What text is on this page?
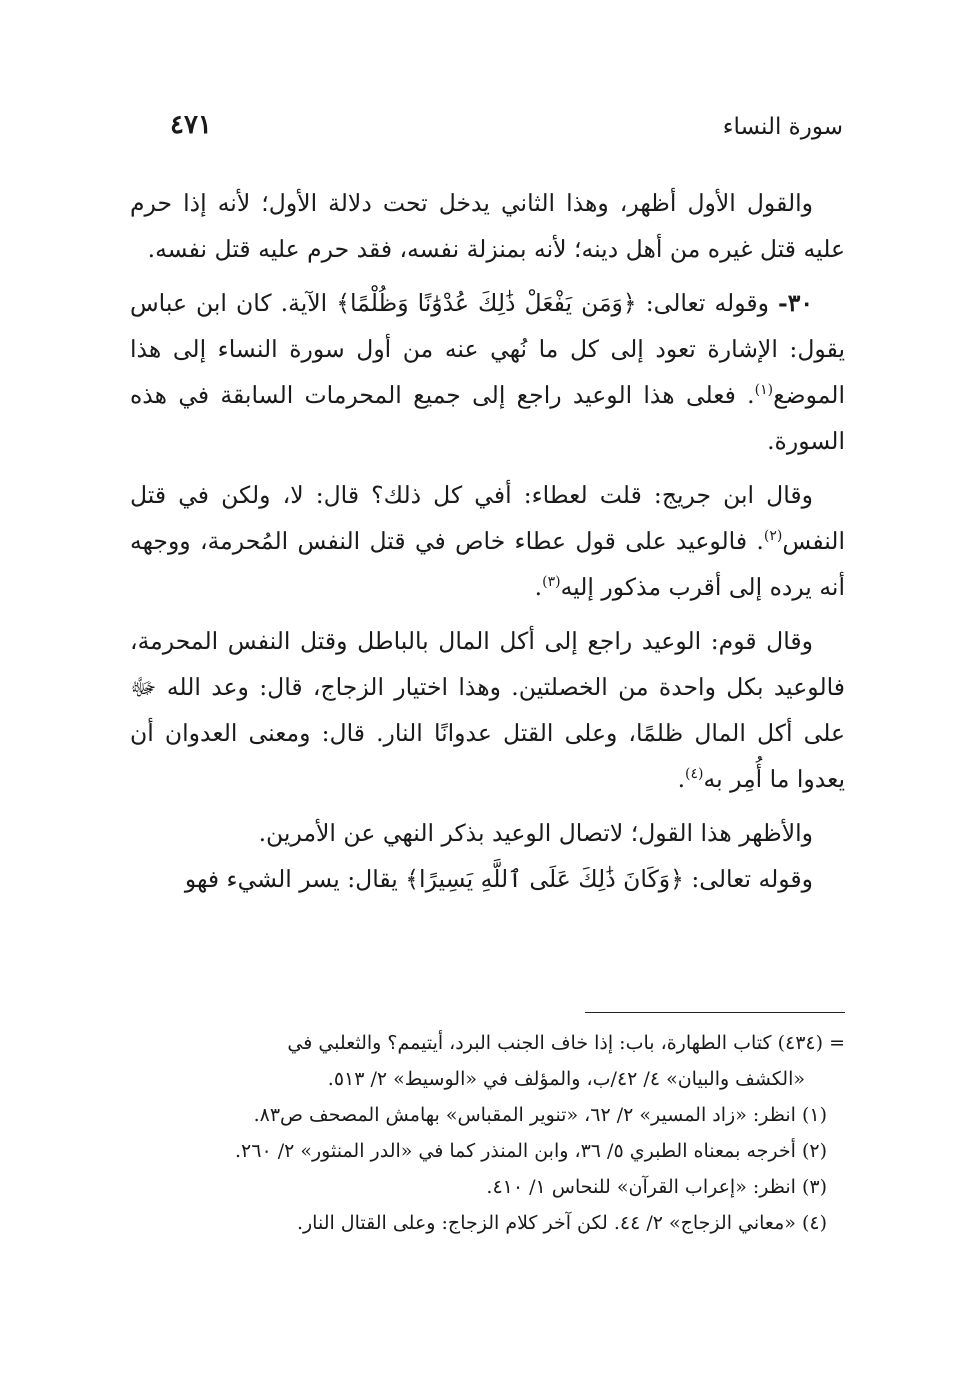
سورة النساء
٤٧١

والقول الأول أظهر، وهذا الثاني يدخل تحت دلالة الأول؛ لأنه إذا حرم عليه قتل غيره من أهل دينه؛ لأنه بمنزلة نفسه، فقد حرم عليه قتل نفسه.

٣٠- وقوله تعالى: ﴿وَمَن يَفْعَلْ ذَٰلِكَ عُدْوَٰنًا وَظُلْمًا﴾ الآية. كان ابن عباس يقول: الإشارة تعود إلى كل ما نُهي عنه من أول سورة النساء إلى هذا الموضع$^{(١)}$. فعلى هذا الوعيد راجع إلى جميع المحرمات السابقة في هذه السورة.

وقال ابن جريج: قلت لعطاء: أفي كل ذلك؟ قال: لا، ولكن في قتل النفس$^{(٢)}$. فالوعيد على قول عطاء خاص في قتل النفس المُحرمة، ووجهه أنه يرده إلى أقرب مذكور إليه$^{(٣)}$.

وقال قوم: الوعيد راجع إلى أكل المال بالباطل وقتل النفس المحرمة، فالوعيد بكل واحدة من الخصلتين. وهذا اختيار الزجاج، قال: وعد الله ﷻ على أكل المال ظلمًا، وعلى القتل عدوانًا النار. قال: ومعنى العدوان أن يعدوا ما أُمِر به$^{(٤)}$.

والأظهر هذا القول؛ لاتصال الوعيد بذكر النهي عن الأمرين.

وقوله تعالى: ﴿وَكَانَ ذَٰلِكَ عَلَى ٱللَّهِ يَسِيرًا﴾ يقال: يسر الشيء فهو

= (٤٣٤) كتاب الطهارة، باب: إذا خاف الجنب البرد، أيتيمم؟ والثعلبي في

«الكشف والبيان» ٤/ ٤٢/ب، والمؤلف في «الوسيط» ٢/ ٥١٣.

(١) انظر: «زاد المسير» ٢/ ٦٢، «تنوير المقباس» بهامش المصحف ص٨٣.

(٢) أخرجه بمعناه الطبري ٥/ ٣٦، وابن المنذر كما في «الدر المنثور» ٢/ ٢٦٠.

(٣) انظر: «إعراب القرآن» للنحاس ١/ ٤١٠.

(٤) «معاني الزجاج» ٢/ ٤٤. لكن آخر كلام الزجاج: وعلى القتال النار.
